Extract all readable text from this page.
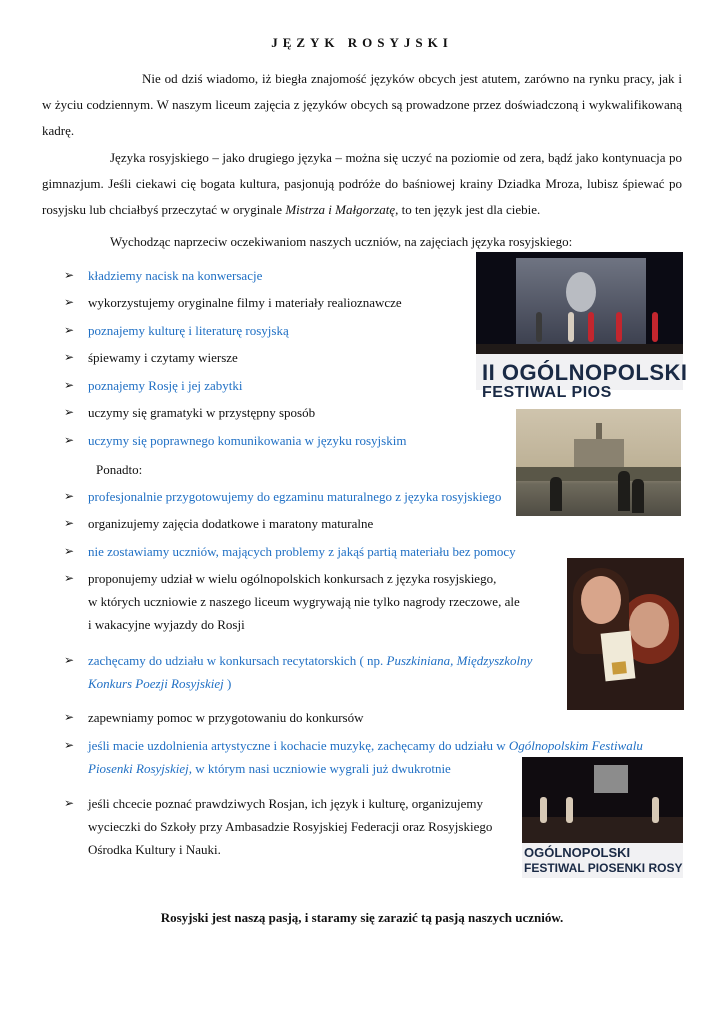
JĘZYK ROSYJSKI
Nie od dziś wiadomo, iż biegła znajomość języków obcych jest atutem, zarówno na rynku pracy, jak i w życiu codziennym. W naszym liceum zajęcia z języków obcych są prowadzone przez doświadczoną i wykwalifikowaną kadrę.
Języka rosyjskiego – jako drugiego języka – można się uczyć na poziomie od zera, bądź jako kontynuacja po gimnazjum. Jeśli ciekawi cię bogata kultura, pasjonują podróże do baśniowej krainy Dziadka Mroza, lubisz śpiewać po rosyjsku lub chciałbyś przeczytać w oryginale Mistrza i Małgorzatę, to ten język jest dla ciebie.
Wychodząc naprzeciw oczekiwaniom naszych uczniów, na zajęciach języka rosyjskiego:
➢	kładziemy nacisk na konwersacje
➢	wykorzystujemy oryginalne filmy i materiały realioznawcze
➢	poznajemy kulturę i literaturę rosyjską
➢	śpiewamy i czytamy wiersze
➢	poznajemy Rosję i jej zabytki
➢	uczymy się gramatyki w przystępny sposób
➢	uczymy się poprawnego komunikowania w języku rosyjskim
Ponadto:
➢	profesjonalnie przygotowujemy do egzaminu maturalnego z języka rosyjskiego
➢	organizujemy zajęcia dodatkowe i maratony maturalne
➢	nie zostawiamy uczniów, mających problemy z jakąś partią materiału bez pomocy
➢	proponujemy udział w wielu ogólnopolskich konkursach z języka rosyjskiego,
w których uczniowie z naszego liceum wygrywają nie tylko nagrody rzeczowe, ale
i wakacyjne wyjazdy do Rosji
➢	zachęcamy do udziału w konkursach recytatorskich ( np. Puszkiniana, Międzyszkolny
Konkurs Poezji Rosyjskiej )
➢	zapewniamy pomoc w przygotowaniu do konkursów
➢	jeśli macie uzdolnienia artystyczne i kochacie muzykę, zachęcamy do udziału w Ogólnopolskim Festiwalu
Piosenki Rosyjskiej, w którym nasi uczniowie wygrali już dwukrotnie
➢	jeśli chcecie poznać prawdziwych Rosjan, ich język i kulturę, organizujemy
wycieczki do Szkoły przy Ambasadzie Rosyjskiej Federacji oraz Rosyjskiego
Ośrodka Kultury i Nauki.
Rosyjski jest naszą pasją, i staramy się zarazić tą pasją naszych uczniów.
II OGÓLNOPOLSKI
FESTIWAL PIOS
OGÓLNOPOLSKI
FESTIWAL PIOSENKI ROSY
